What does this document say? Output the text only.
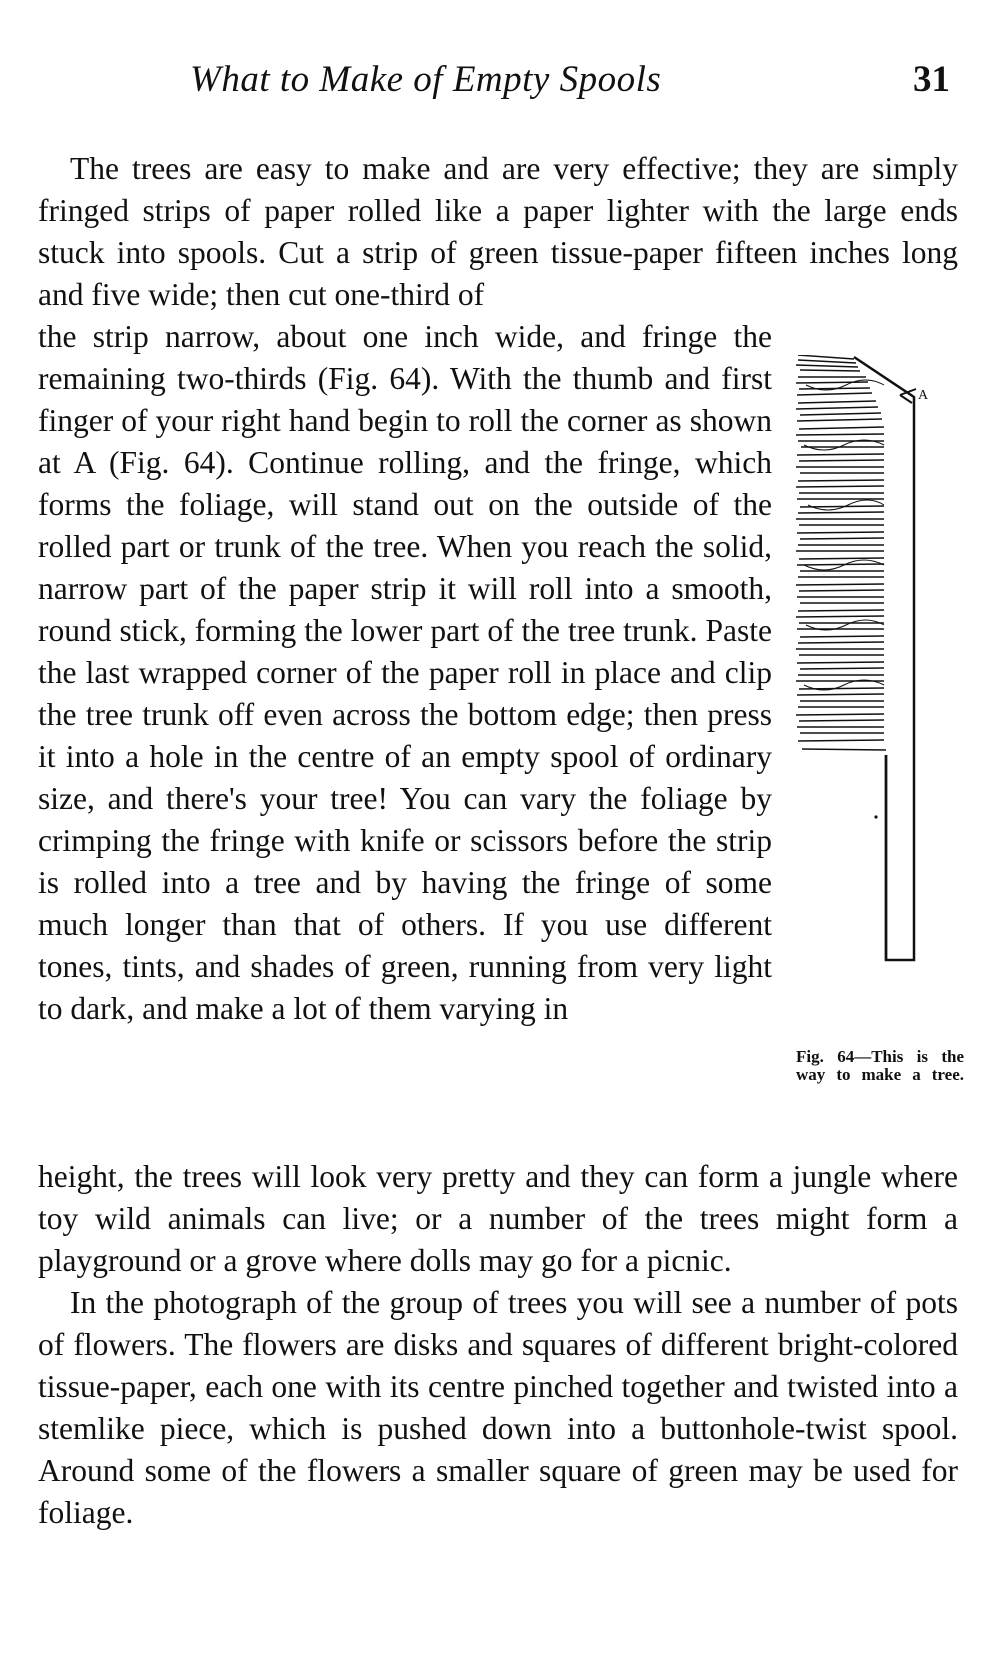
What to Make of Empty Spools	31

The trees are easy to make and are very effective; they are simply fringed strips of paper rolled like a paper lighter with the large ends stuck into spools. Cut a strip of green tissue-paper fifteen inches long and five wide; then cut one-third of

the strip narrow, about one inch wide, and fringe the remaining two-thirds (Fig. 64). With the thumb and first finger of your right hand begin to roll the corner as shown at A (Fig. 64). Continue rolling, and the fringe, which forms the foliage, will stand out on the outside of the rolled part or trunk of the tree. When you reach the solid, narrow part of the paper strip it will roll into a smooth, round stick, forming the lower part of the tree trunk. Paste the last wrapped corner of the paper roll in place and clip the tree trunk off even across the bottom edge; then press it into a hole in the centre of an empty spool of ordinary size, and there's your tree! You can vary the foliage by crimping the fringe with knife or scissors before the strip is rolled into a tree and by having the fringe of some much longer than that of others. If you use different tones, tints, and shades of green, running from very light to dark, and make a lot of them varying in

height, the trees will look very pretty and they can form a jungle where toy wild animals can live; or a number of the trees might form a playground or a grove where dolls may go for a picnic.

In the photograph of the group of trees you will see a number of pots of flowers. The flowers are disks and squares of different bright-colored tissue-paper, each one with its centre pinched together and twisted into a stemlike piece, which is pushed down into a buttonhole-twist spool. Around some of the flowers a smaller square of green may be used for foliage.

A
Fig. 64—This is the way to make a tree.
